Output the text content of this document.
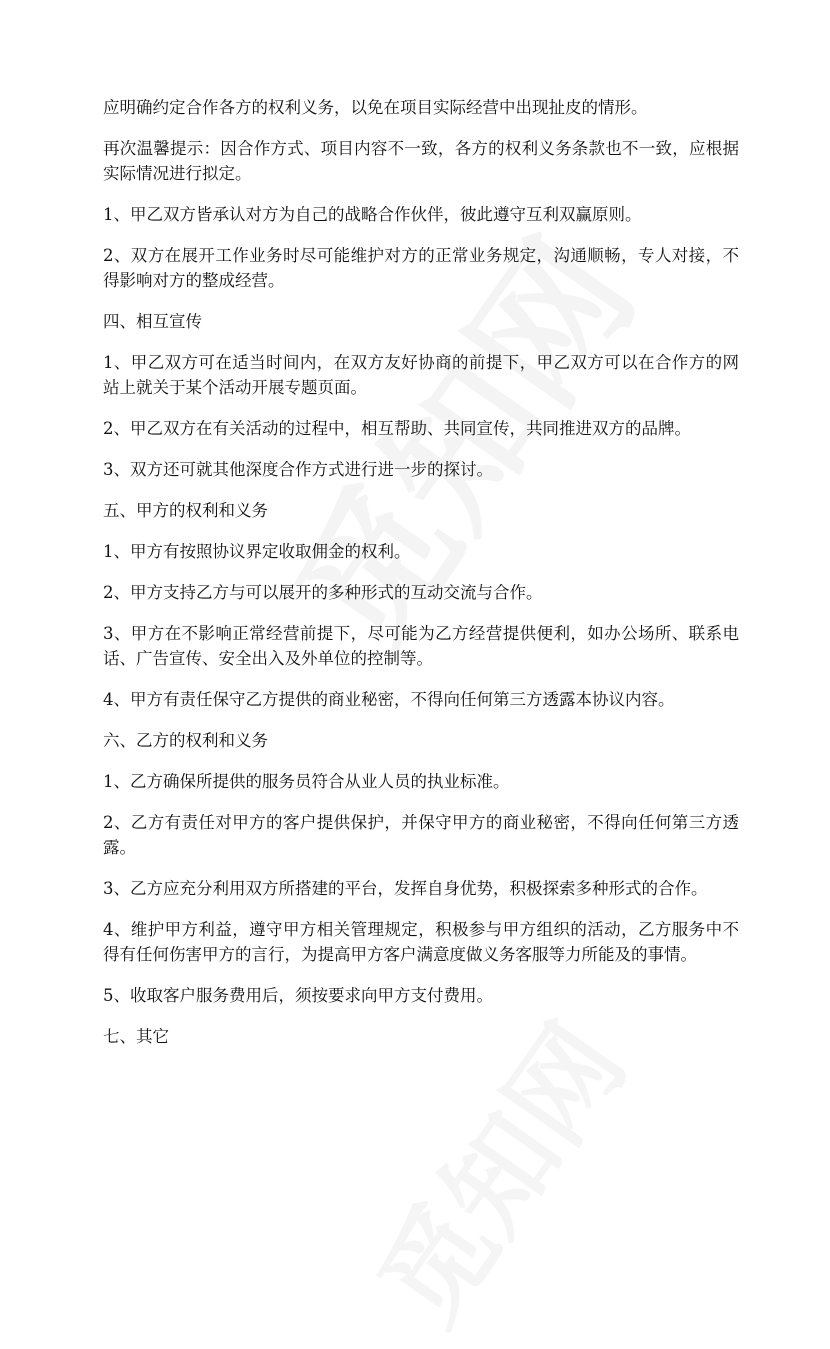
应明确约定合作各方的权利义务，以免在项目实际经营中出现扯皮的情形。

再次温馨提示：因合作方式、项目内容不一致，各方的权利义务条款也不一致，应根据实际情况进行拟定。

1、甲乙双方皆承认对方为自己的战略合作伙伴，彼此遵守互利双赢原则。

2、双方在展开工作业务时尽可能维护对方的正常业务规定，沟通顺畅，专人对接，不得影响对方的整成经营。

四、相互宣传

1、甲乙双方可在适当时间内，在双方友好协商的前提下，甲乙双方可以在合作方的网站上就关于某个活动开展专题页面。

2、甲乙双方在有关活动的过程中，相互帮助、共同宣传，共同推进双方的品牌。

3、双方还可就其他深度合作方式进行进一步的探讨。

五、甲方的权利和义务

1、甲方有按照协议界定收取佣金的权利。

2、甲方支持乙方与可以展开的多种形式的互动交流与合作。

3、甲方在不影响正常经营前提下，尽可能为乙方经营提供便利，如办公场所、联系电话、广告宣传、安全出入及外单位的控制等。

4、甲方有责任保守乙方提供的商业秘密，不得向任何第三方透露本协议内容。

六、乙方的权利和义务

1、乙方确保所提供的服务员符合从业人员的执业标准。

2、乙方有责任对甲方的客户提供保护，并保守甲方的商业秘密，不得向任何第三方透露。

3、乙方应充分利用双方所搭建的平台，发挥自身优势，积极探索多种形式的合作。

4、维护甲方利益，遵守甲方相关管理规定，积极参与甲方组织的活动，乙方服务中不得有任何伤害甲方的言行，为提高甲方客户满意度做义务客服等力所能及的事情。

5、收取客户服务费用后，须按要求向甲方支付费用。

七、其它
